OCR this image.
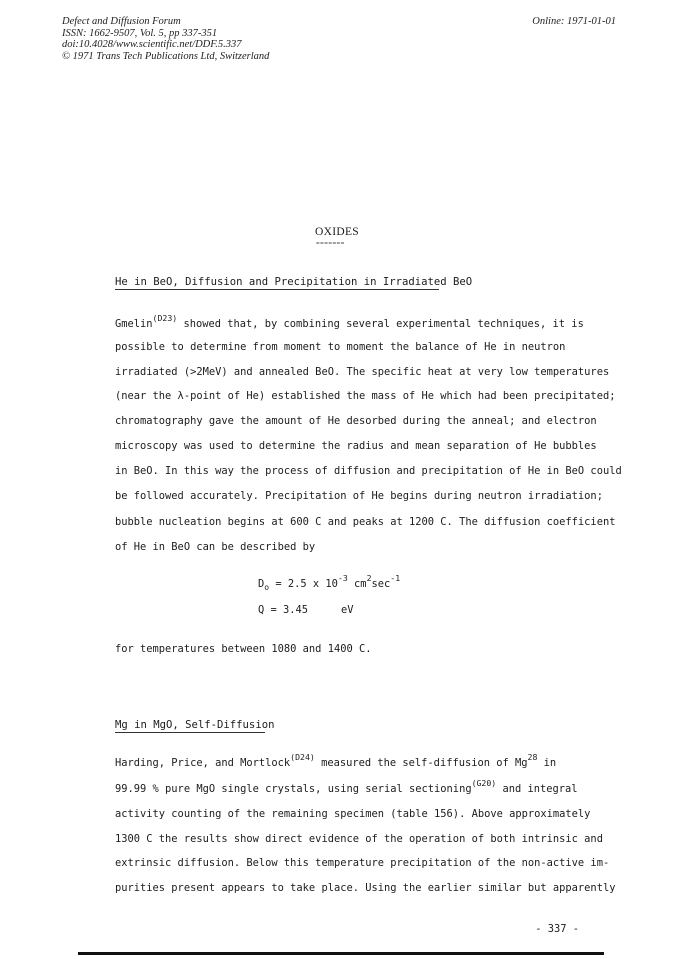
Defect and Diffusion Forum
ISSN: 1662-9507, Vol. 5, pp 337-351
doi:10.4028/www.scientific.net/DDF.5.337
© 1971 Trans Tech Publications Ltd, Switzerland
Online: 1971-01-01
OXIDES
=======
He in BeO, Diffusion and Precipitation in Irradiated BeO
Gmelin$^{(D23)}$ showed that, by combining several experimental techniques, it is
possible to determine from moment to moment the balance of He in neutron
irradiated (>2MeV) and annealed BeO. The specific heat at very low temperatures
(near the λ-point of He) established the mass of He which had been precipitated;
chromatography gave the amount of He desorbed during the anneal; and electron
microscopy was used to determine the radius and mean separation of He bubbles
in BeO. In this way the process of diffusion and precipitation of He in BeO could
be followed accurately. Precipitation of He begins during neutron irradiation;
bubble nucleation begins at 600 C and peaks at 1200 C. The diffusion coefficient
of He in BeO can be described by
$D_o = 2.5$ x $10^{-3}$ $cm^2\sec^{-1}$
Q = 3.45	eV
for temperatures between 1080 and 1400 C.
Mg in MgO, Self-Diffusion
Harding, Price, and Mortlock$^{(D24)}$ measured the self-diffusion of Mg$^{28}$ in
99.99 % pure MgO single crystals, using serial sectioning$^{(G20)}$ and integral
activity counting of the remaining specimen (table 156). Above approximately
1300 C the results show direct evidence of the operation of both intrinsic and
extrinsic diffusion. Below this temperature precipitation of the non-active im-
purities present appears to take place. Using the earlier similar but apparently
- 337 -
